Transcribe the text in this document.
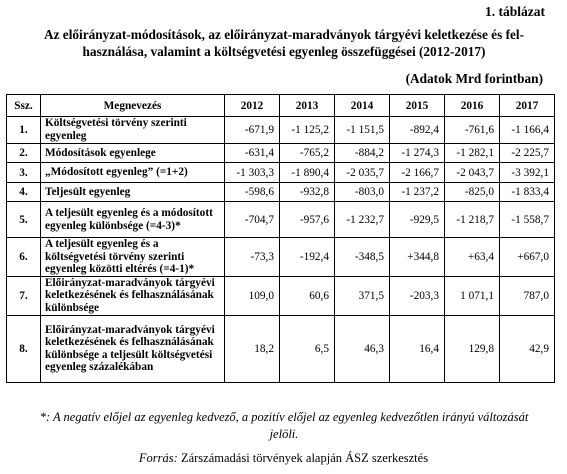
1. táblázat
Az előirányzat-módosítások, az előirányzat-maradványok tárgyévi keletkezése és fel-használása, valamint a költségvetési egyenleg összefüggései (2012-2017)
(Adatok Mrd forintban)
Ssz.	Megnevezés	2012	2013	2014	2015	2016	2017
1.	Költségvetési törvény szerinti egyenleg	-671,9	-1 125,2	-1 151,5	-892,4	-761,6	-1 166,4
2.	Módosítások egyenlege	-631,4	-765,2	-884,2	-1 274,3	-1 282,1	-2 225,7
3.	„Módosított egyenleg” (=1+2)	-1 303,3	-1 890,4	-2 035,7	-2 166,7	-2 043,7	-3 392,1
4.	Teljesült egyenleg	-598,6	-932,8	-803,0	-1 237,2	-825,0	-1 833,4
5.	A teljesült egyenleg és a módosított egyenleg különbsége (=4-3)*	-704,7	-957,6	-1 232,7	-929,5	-1 218,7	-1 558,7
6.	A teljesült egyenleg és a költségvetési törvény szerinti egyenleg közötti eltérés (=4-1)*	-73,3	-192,4	-348,5	+344,8	+63,4	+667,0
7.	Előirányzat-maradványok tárgyévi keletkezésének és felhasználásának különbsége	109,0	60,6	371,5	-203,3	1 071,1	787,0
8.	Előirányzat-maradványok tárgyévi keletkezésének és felhasználásának különbsége a teljesült költségvetési egyenleg százalékában	18,2	6,5	46,3	16,4	129,8	42,9
*: A negatív előjel az egyenleg kedvező, a pozitív előjel az egyenleg kedvezőtlen irányú változását jelöli.
Forrás: Zárszámadási törvények alapján ÁSZ szerkesztés
